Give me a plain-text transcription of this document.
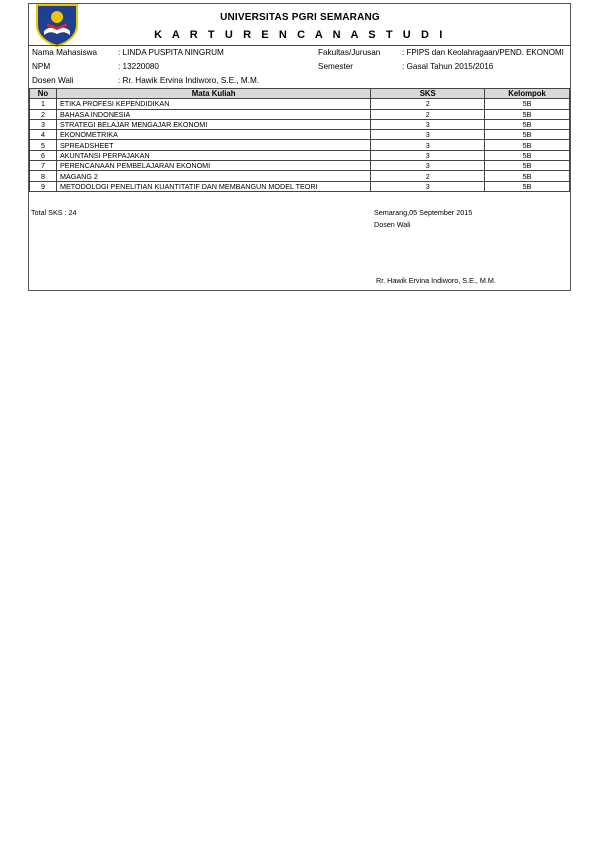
UNIVERSITAS PGRI SEMARANG
K A R T U R E N C A N A S T U D I
Nama Mahasiswa	: LINDA PUSPITA NINGRUM
NPM	: 13220080
Dosen Wali	: Rr. Hawik Ervina Indiworo, S.E., M.M.
Fakultas/Jurusan	: FPIPS dan Keolahragaan/PEND. EKONOMI
Semester	: Gasal Tahun 2015/2016
No	Mata Kuliah	SKS	Kelompok
1	ETIKA PROFESI KEPENDIDIKAN	2	5B
2	BAHASA INDONESIA	2	5B
3	STRATEGI BELAJAR MENGAJAR EKONOMI	3	5B
4	EKONOMETRIKA	3	5B
5	SPREADSHEET	3	5B
6	AKUNTANSI PERPAJAKAN	3	5B
7	PERENCANAAN PEMBELAJARAN EKONOMI	3	5B
8	MAGANG 2	2	5B
9	METODOLOGI PENELITIAN KUANTITATIF DAN MEMBANGUN MODEL TEORI	3	5B
Total SKS : 24	Semarang,05 September 2015
Dosen Wali
Rr. Hawik Ervina Indiworo, S.E., M.M.
